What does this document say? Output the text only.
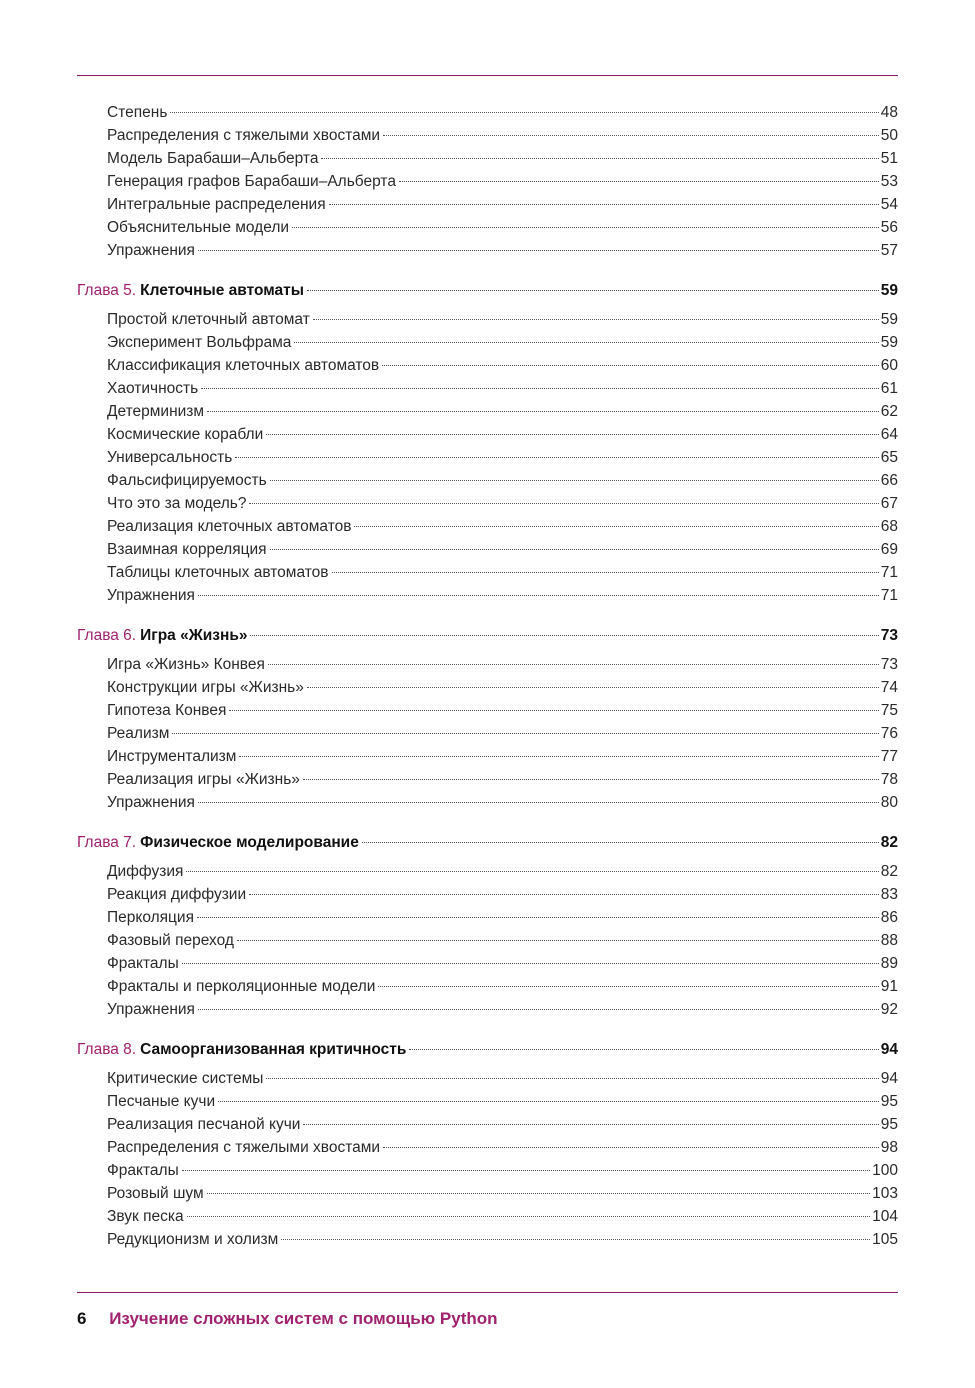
Степень	48
Распределения с тяжелыми хвостами	50
Модель Барабаши–Альберта	51
Генерация графов Барабаши–Альберта	53
Интегральные распределения	54
Объяснительные модели	56
Упражнения	57
Глава 5. Клеточные автоматы	59
Простой клеточный автомат	59
Эксперимент Вольфрама	59
Классификация клеточных автоматов	60
Хаотичность	61
Детерминизм	62
Космические корабли	64
Универсальность	65
Фальсифицируемость	66
Что это за модель?	67
Реализация клеточных автоматов	68
Взаимная корреляция	69
Таблицы клеточных автоматов	71
Упражнения	71
Глава 6. Игра «Жизнь»	73
Игра «Жизнь» Конвея	73
Конструкции игры «Жизнь»	74
Гипотеза Конвея	75
Реализм	76
Инструментализм	77
Реализация игры «Жизнь»	78
Упражнения	80
Глава 7. Физическое моделирование	82
Диффузия	82
Реакция диффузии	83
Перколяция	86
Фазовый переход	88
Фракталы	89
Фракталы и перколяционные модели	91
Упражнения	92
Глава 8. Самоорганизованная критичность	94
Критические системы	94
Песчаные кучи	95
Реализация песчаной кучи	95
Распределения с тяжелыми хвостами	98
Фракталы	100
Розовый шум	103
Звук песка	104
Редукционизм и холизм	105
6 Изучение сложных систем с помощью Python
